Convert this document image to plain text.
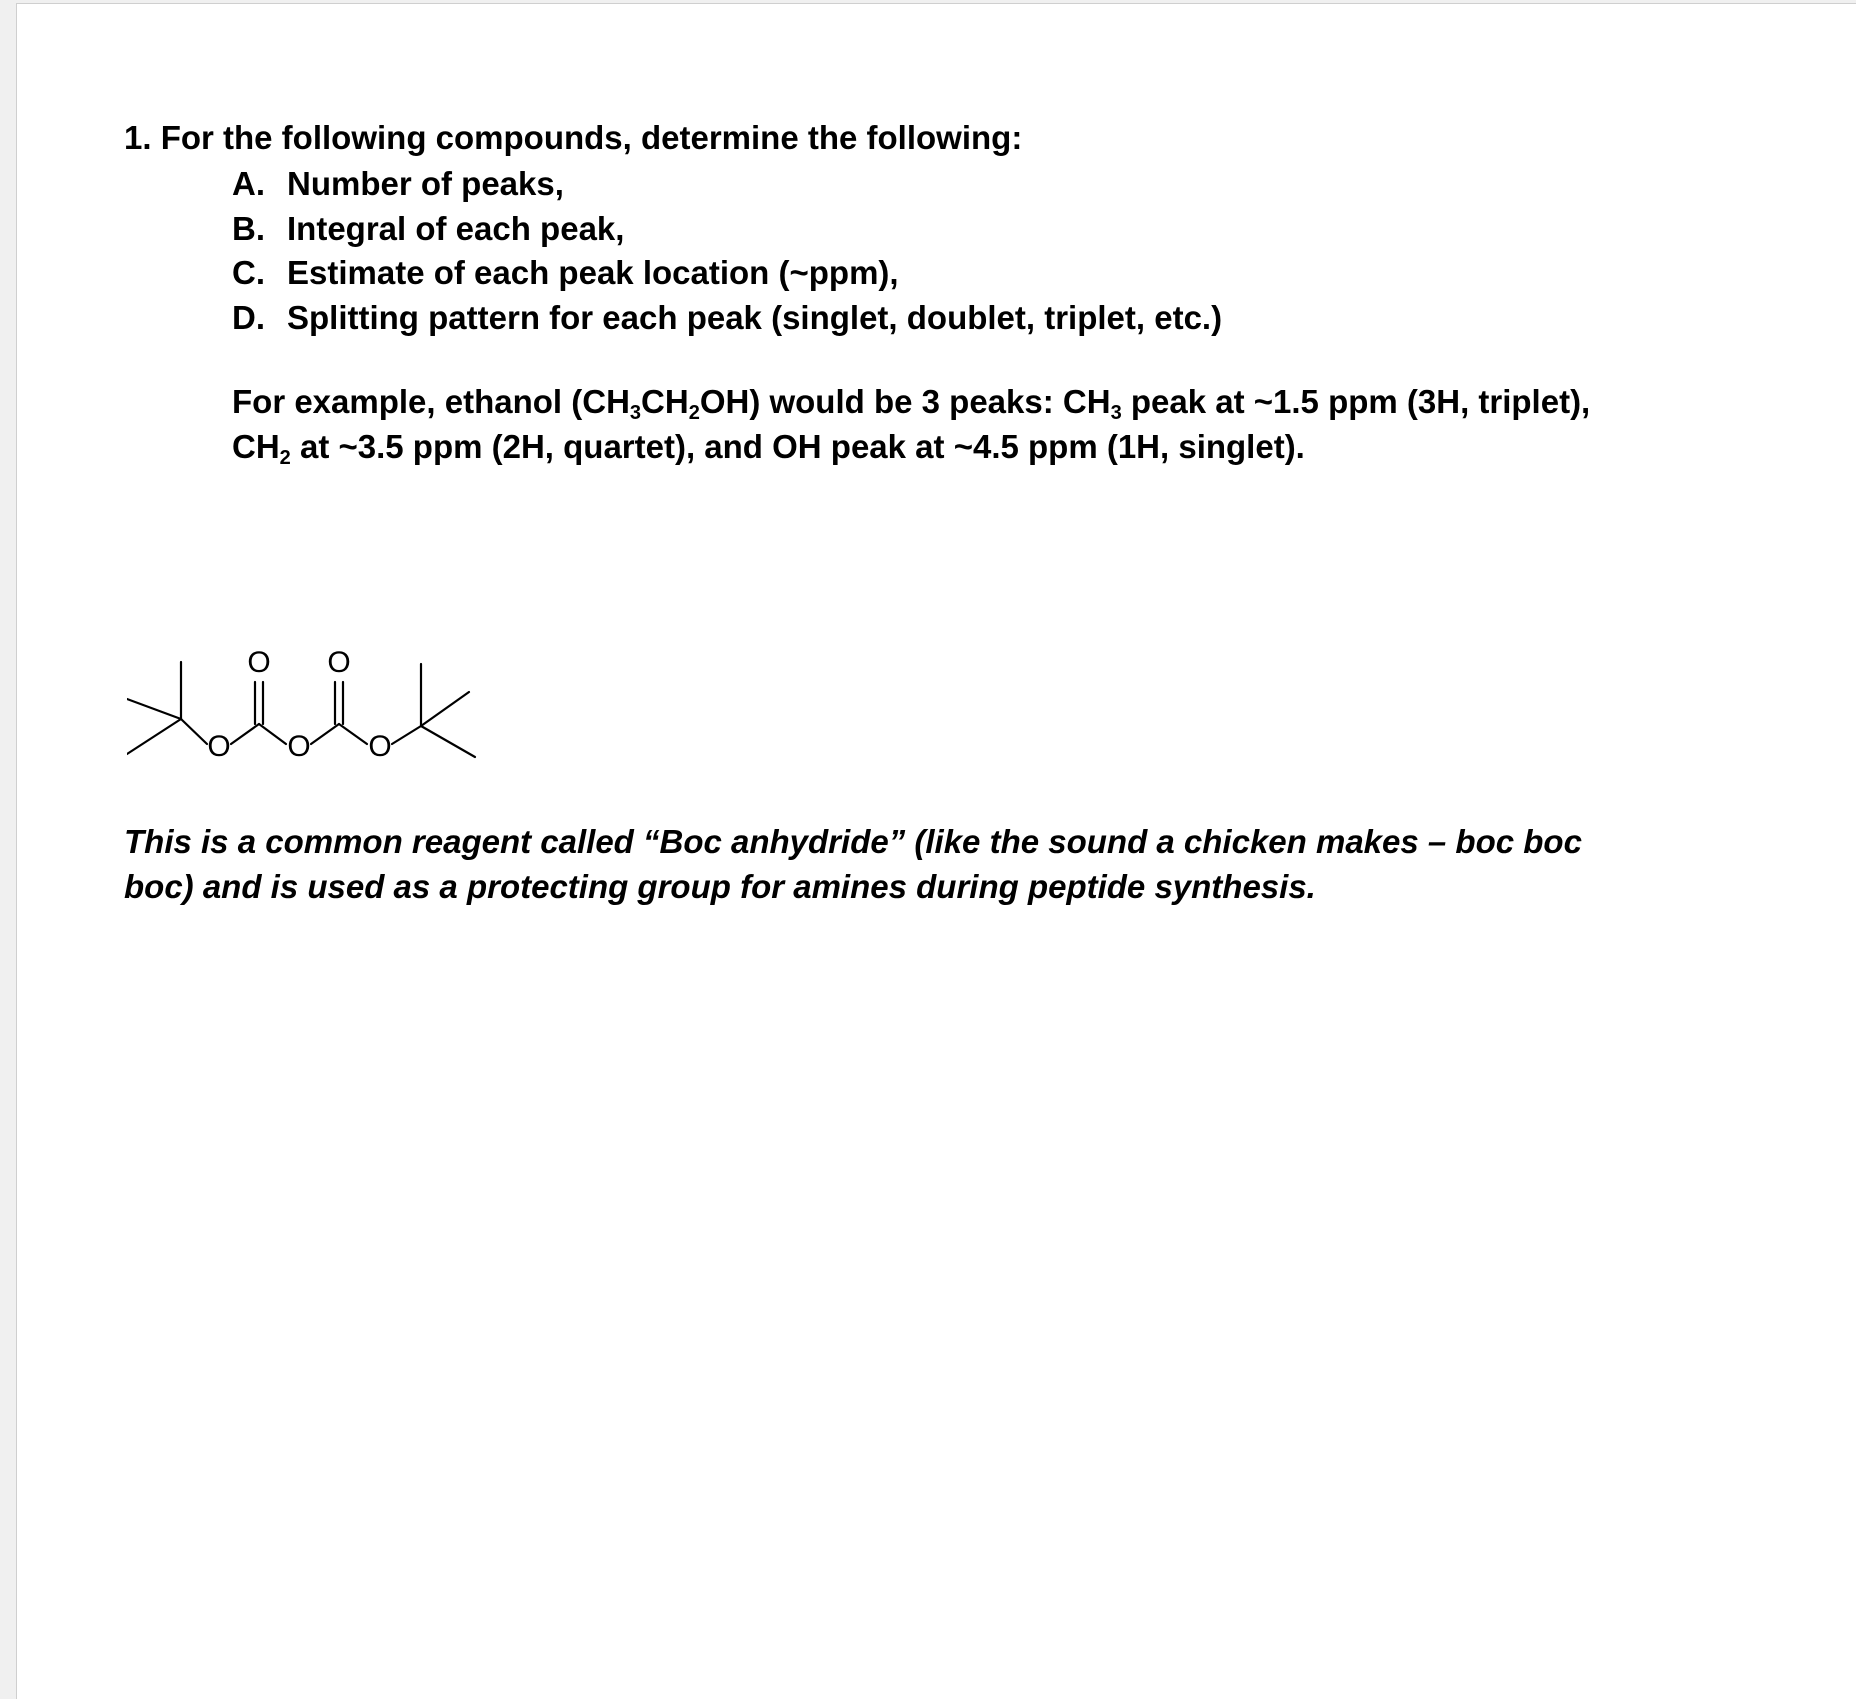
1. For the following compounds, determine the following:

A. Number of peaks,
B. Integral of each peak,
C. Estimate of each peak location (~ppm),
D. Splitting pattern for each peak (singlet, doublet, triplet, etc.)

For example, ethanol $(CH_3CH_2OH)$ would be 3 peaks: $CH_3$ peak at ~1.5 ppm (3H, triplet),
$CH_2$ at ~3.5 ppm (2H, quartet), and OH peak at ~4.5 ppm (1H, singlet).

O
O
O
O
O

This is a common reagent called “Boc anhydride” (like the sound a chicken makes – boc boc
boc) and is used as a protecting group for amines during peptide synthesis.
